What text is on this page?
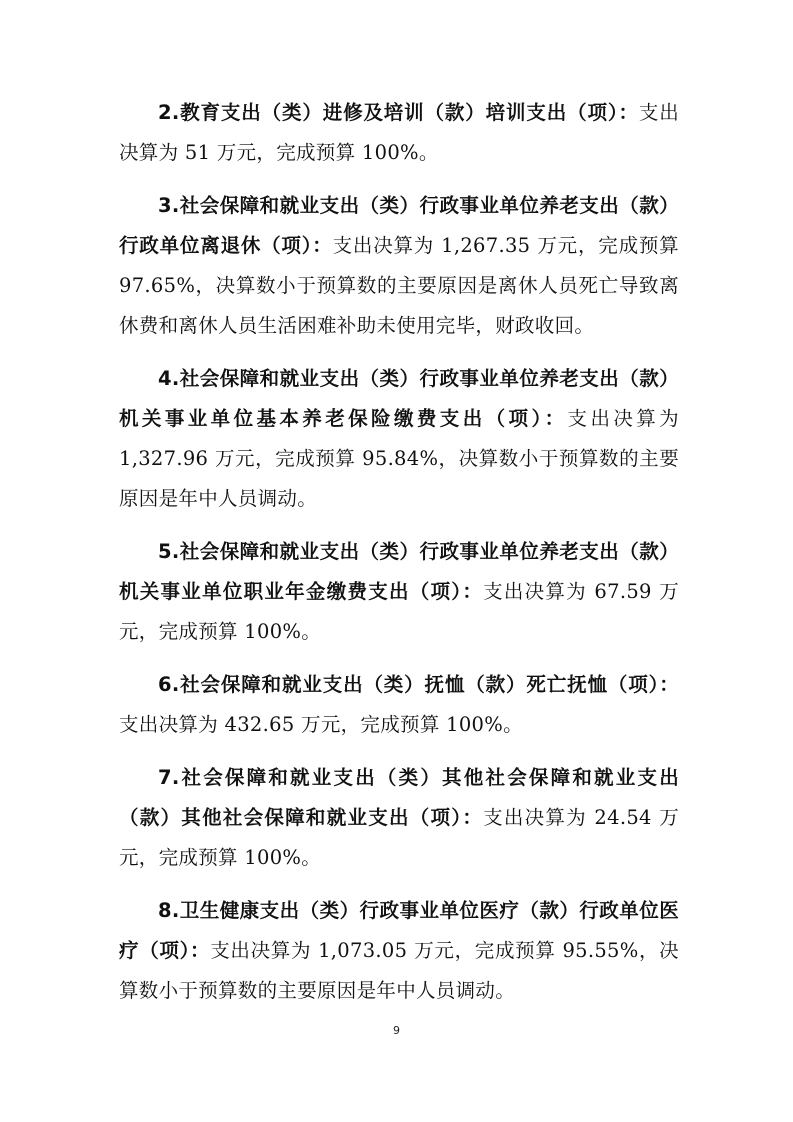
2.教育支出（类）进修及培训（款）培训支出（项）：支出决算为 51 万元，完成预算 100%。

3.社会保障和就业支出（类）行政事业单位养老支出（款）行政单位离退休（项）：支出决算为 1,267.35 万元，完成预算 97.65%，决算数小于预算数的主要原因是离休人员死亡导致离休费和离休人员生活困难补助未使用完毕，财政收回。

4.社会保障和就业支出（类）行政事业单位养老支出（款）机关事业单位基本养老保险缴费支出（项）：支出决算为 1,327.96 万元，完成预算 95.84%，决算数小于预算数的主要原因是年中人员调动。

5.社会保障和就业支出（类）行政事业单位养老支出（款）机关事业单位职业年金缴费支出（项）：支出决算为 67.59 万元，完成预算 100%。

6.社会保障和就业支出（类）抚恤（款）死亡抚恤（项）：支出决算为 432.65 万元，完成预算 100%。

7.社会保障和就业支出（类）其他社会保障和就业支出（款）其他社会保障和就业支出（项）：支出决算为 24.54 万元，完成预算 100%。

8.卫生健康支出（类）行政事业单位医疗（款）行政单位医疗（项）：支出决算为 1,073.05 万元，完成预算 95.55%，决算数小于预算数的主要原因是年中人员调动。

9
